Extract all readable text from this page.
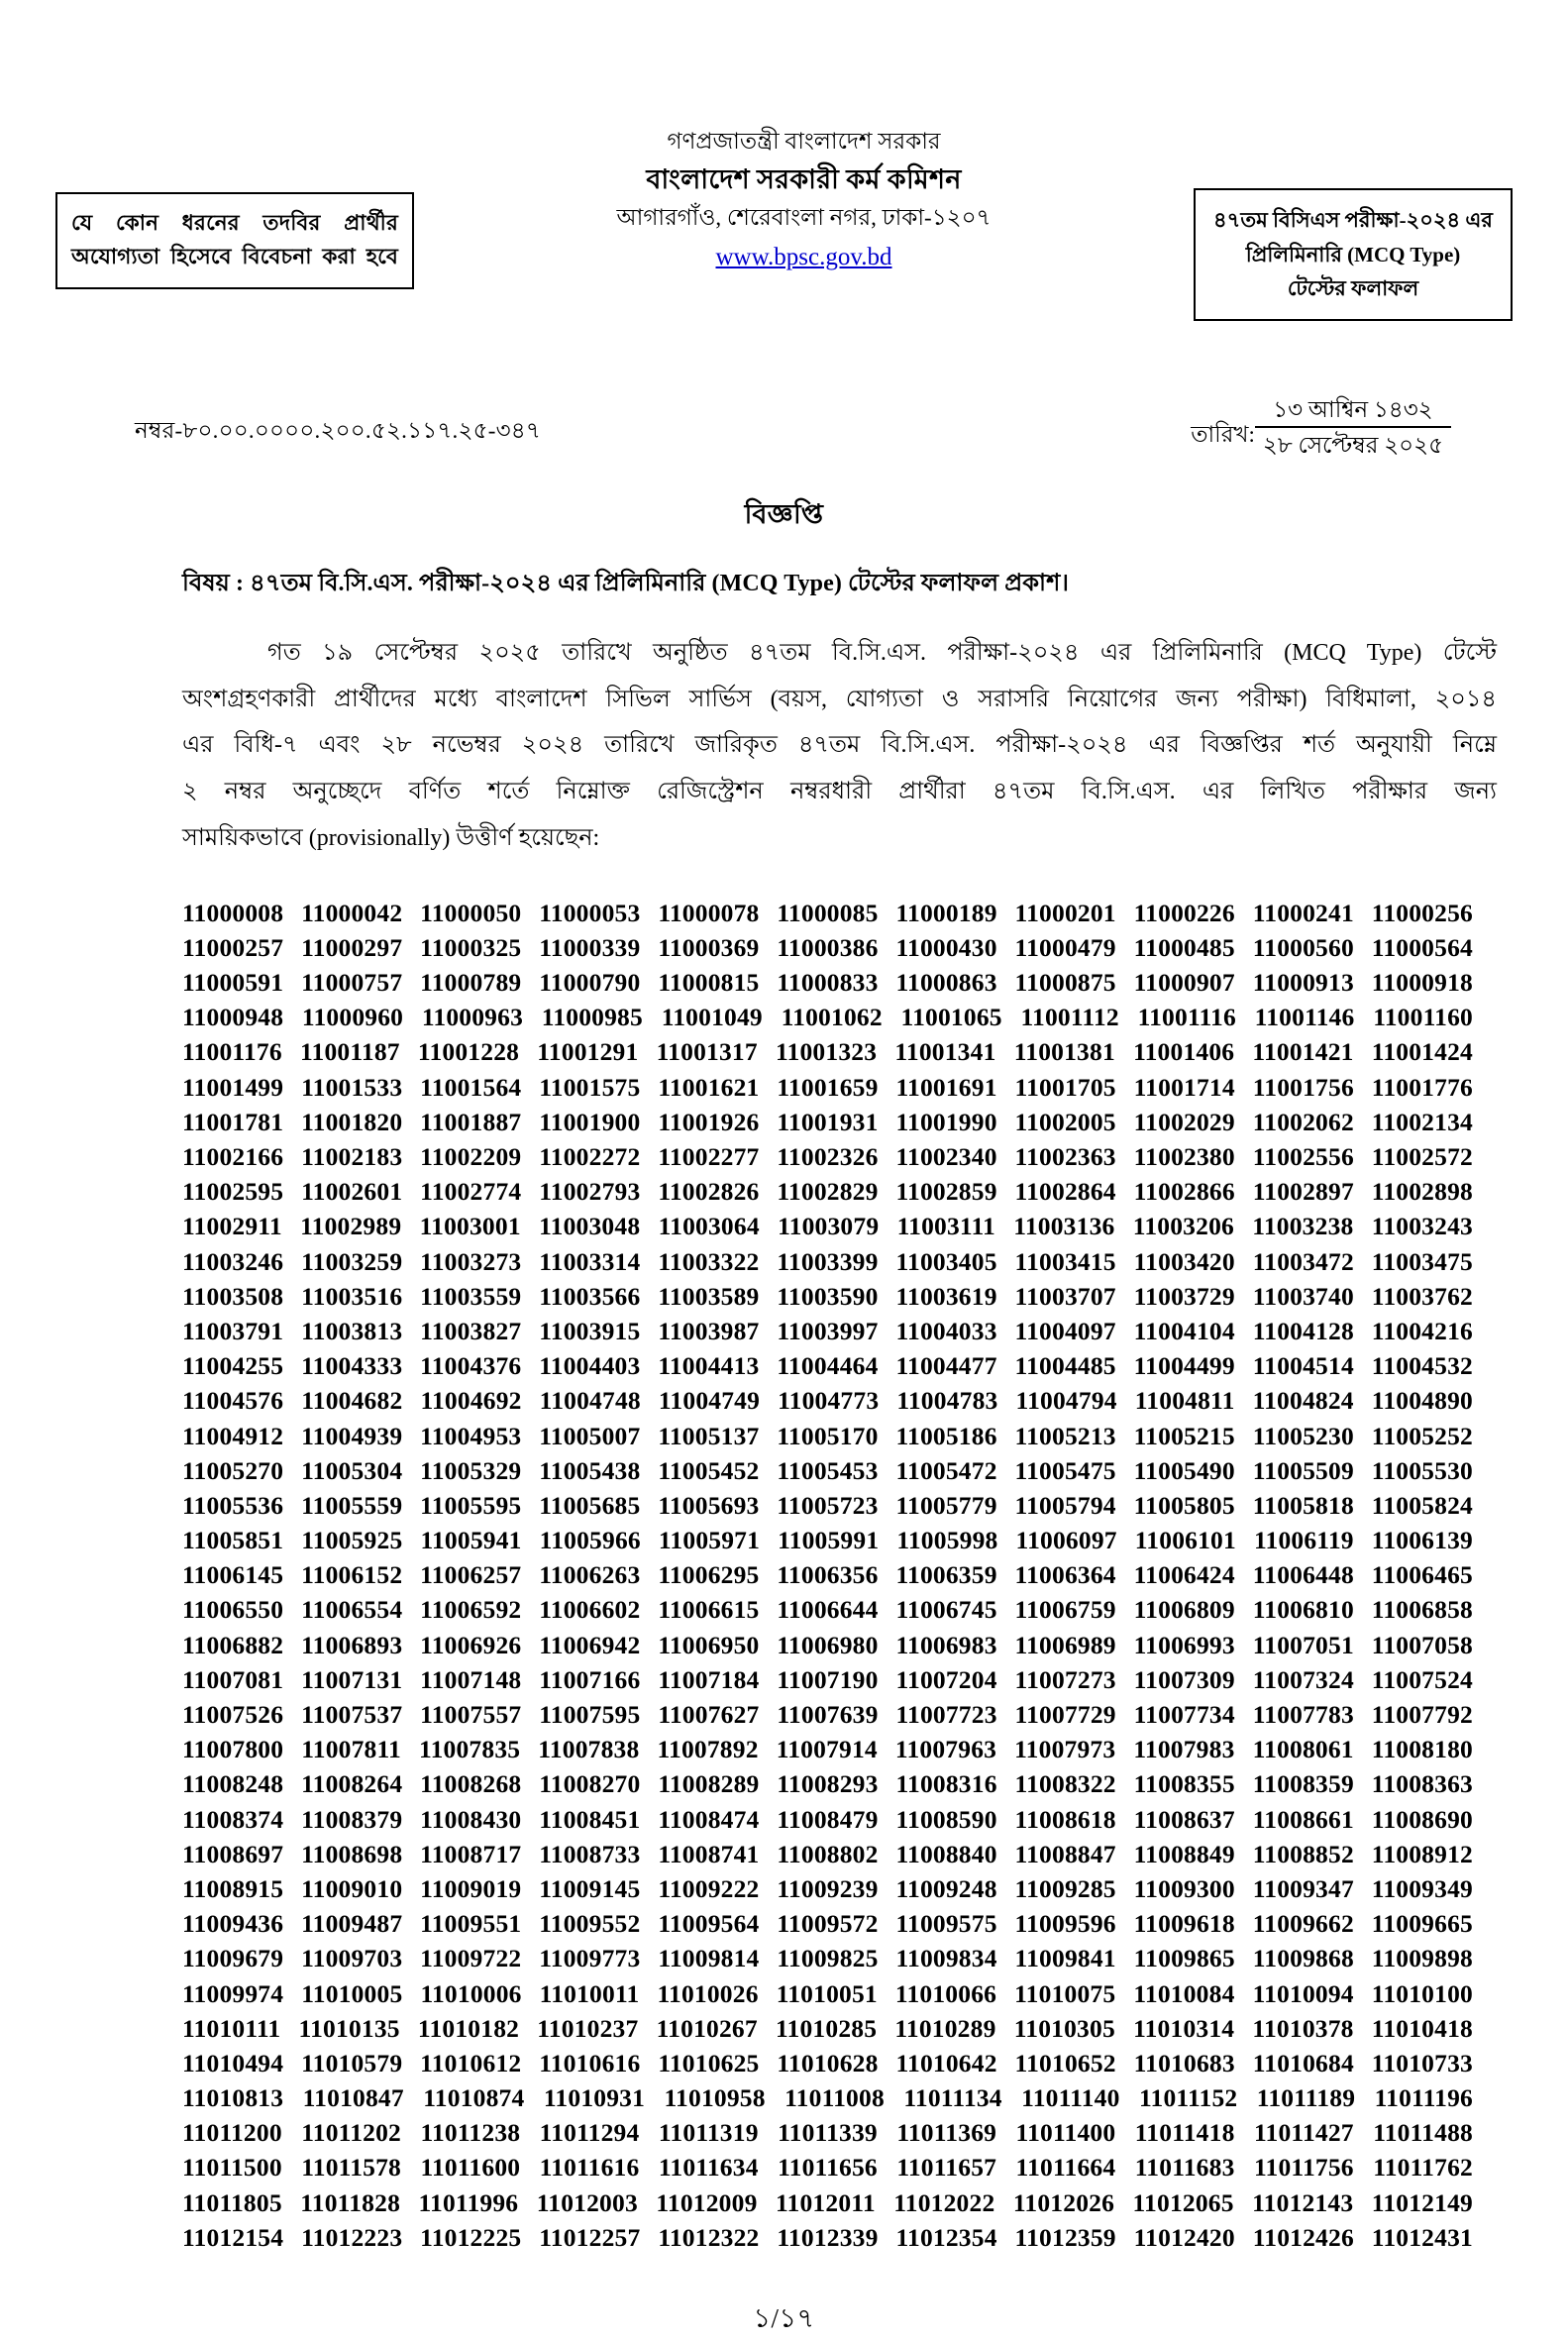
যে কোন ধরনের তদবির প্রার্থীর
অযোগ্যতা হিসেবে বিবেচনা করা হবে
গণপ্রজাতন্ত্রী বাংলাদেশ সরকার
বাংলাদেশ সরকারী কর্ম কমিশন
আগারগাঁও, শেরেবাংলা নগর, ঢাকা-১২০৭
www.bpsc.gov.bd
৪৭তম বিসিএস পরীক্ষা-২০২৪ এর
প্রিলিমিনারি (MCQ Type)
টেস্টের ফলাফল
নম্বর-৮০.০০.০০০০.২০০.৫২.১১৭.২৫-৩৪৭	তারিখ:
১৩ আশ্বিন ১৪৩২
২৮ সেপ্টেম্বর ২০২৫
বিজ্ঞপ্তি
বিষয় : ৪৭তম বি.সি.এস. পরীক্ষা-২০২৪ এর প্রিলিমিনারি (MCQ Type) টেস্টের ফলাফল প্রকাশ।
গত ১৯ সেপ্টেম্বর ২০২৫ তারিখে অনুষ্ঠিত ৪৭তম বি.সি.এস. পরীক্ষা-২০২৪ এর প্রিলিমিনারি (MCQ Type) টেস্টে
অংশগ্রহণকারী প্রার্থীদের মধ্যে বাংলাদেশ সিভিল সার্ভিস (বয়স, যোগ্যতা ও সরাসরি নিয়োগের জন্য পরীক্ষা) বিধিমালা, ২০১৪
এর বিধি-৭ এবং ২৮ নভেম্বর ২০২৪ তারিখে জারিকৃত ৪৭তম বি.সি.এস. পরীক্ষা-২০২৪ এর বিজ্ঞপ্তির শর্ত অনুযায়ী নিম্নে
২ নম্বর অনুচ্ছেদে বর্ণিত শর্তে নিম্নোক্ত রেজিস্ট্রেশন নম্বরধারী প্রার্থীরা ৪৭তম বি.সি.এস. এর লিখিত পরীক্ষার জন্য
সাময়িকভাবে (provisionally) উত্তীর্ণ হয়েছেন:
11000008 11000042 11000050 11000053 11000078 11000085 11000189 11000201 11000226 11000241 11000256
11000257 11000297 11000325 11000339 11000369 11000386 11000430 11000479 11000485 11000560 11000564
11000591 11000757 11000789 11000790 11000815 11000833 11000863 11000875 11000907 11000913 11000918
11000948 11000960 11000963 11000985 11001049 11001062 11001065 11001112 11001116 11001146 11001160
11001176 11001187 11001228 11001291 11001317 11001323 11001341 11001381 11001406 11001421 11001424
11001499 11001533 11001564 11001575 11001621 11001659 11001691 11001705 11001714 11001756 11001776
11001781 11001820 11001887 11001900 11001926 11001931 11001990 11002005 11002029 11002062 11002134
11002166 11002183 11002209 11002272 11002277 11002326 11002340 11002363 11002380 11002556 11002572
11002595 11002601 11002774 11002793 11002826 11002829 11002859 11002864 11002866 11002897 11002898
11002911 11002989 11003001 11003048 11003064 11003079 11003111 11003136 11003206 11003238 11003243
11003246 11003259 11003273 11003314 11003322 11003399 11003405 11003415 11003420 11003472 11003475
11003508 11003516 11003559 11003566 11003589 11003590 11003619 11003707 11003729 11003740 11003762
11003791 11003813 11003827 11003915 11003987 11003997 11004033 11004097 11004104 11004128 11004216
11004255 11004333 11004376 11004403 11004413 11004464 11004477 11004485 11004499 11004514 11004532
11004576 11004682 11004692 11004748 11004749 11004773 11004783 11004794 11004811 11004824 11004890
11004912 11004939 11004953 11005007 11005137 11005170 11005186 11005213 11005215 11005230 11005252
11005270 11005304 11005329 11005438 11005452 11005453 11005472 11005475 11005490 11005509 11005530
11005536 11005559 11005595 11005685 11005693 11005723 11005779 11005794 11005805 11005818 11005824
11005851 11005925 11005941 11005966 11005971 11005991 11005998 11006097 11006101 11006119 11006139
11006145 11006152 11006257 11006263 11006295 11006356 11006359 11006364 11006424 11006448 11006465
11006550 11006554 11006592 11006602 11006615 11006644 11006745 11006759 11006809 11006810 11006858
11006882 11006893 11006926 11006942 11006950 11006980 11006983 11006989 11006993 11007051 11007058
11007081 11007131 11007148 11007166 11007184 11007190 11007204 11007273 11007309 11007324 11007524
11007526 11007537 11007557 11007595 11007627 11007639 11007723 11007729 11007734 11007783 11007792
11007800 11007811 11007835 11007838 11007892 11007914 11007963 11007973 11007983 11008061 11008180
11008248 11008264 11008268 11008270 11008289 11008293 11008316 11008322 11008355 11008359 11008363
11008374 11008379 11008430 11008451 11008474 11008479 11008590 11008618 11008637 11008661 11008690
11008697 11008698 11008717 11008733 11008741 11008802 11008840 11008847 11008849 11008852 11008912
11008915 11009010 11009019 11009145 11009222 11009239 11009248 11009285 11009300 11009347 11009349
11009436 11009487 11009551 11009552 11009564 11009572 11009575 11009596 11009618 11009662 11009665
11009679 11009703 11009722 11009773 11009814 11009825 11009834 11009841 11009865 11009868 11009898
11009974 11010005 11010006 11010011 11010026 11010051 11010066 11010075 11010084 11010094 11010100
11010111 11010135 11010182 11010237 11010267 11010285 11010289 11010305 11010314 11010378 11010418
11010494 11010579 11010612 11010616 11010625 11010628 11010642 11010652 11010683 11010684 11010733
11010813 11010847 11010874 11010931 11010958 11011008 11011134 11011140 11011152 11011189 11011196
11011200 11011202 11011238 11011294 11011319 11011339 11011369 11011400 11011418 11011427 11011488
11011500 11011578 11011600 11011616 11011634 11011656 11011657 11011664 11011683 11011756 11011762
11011805 11011828 11011996 11012003 11012009 11012011 11012022 11012026 11012065 11012143 11012149
11012154 11012223 11012225 11012257 11012322 11012339 11012354 11012359 11012420 11012426 11012431
১/১৭
